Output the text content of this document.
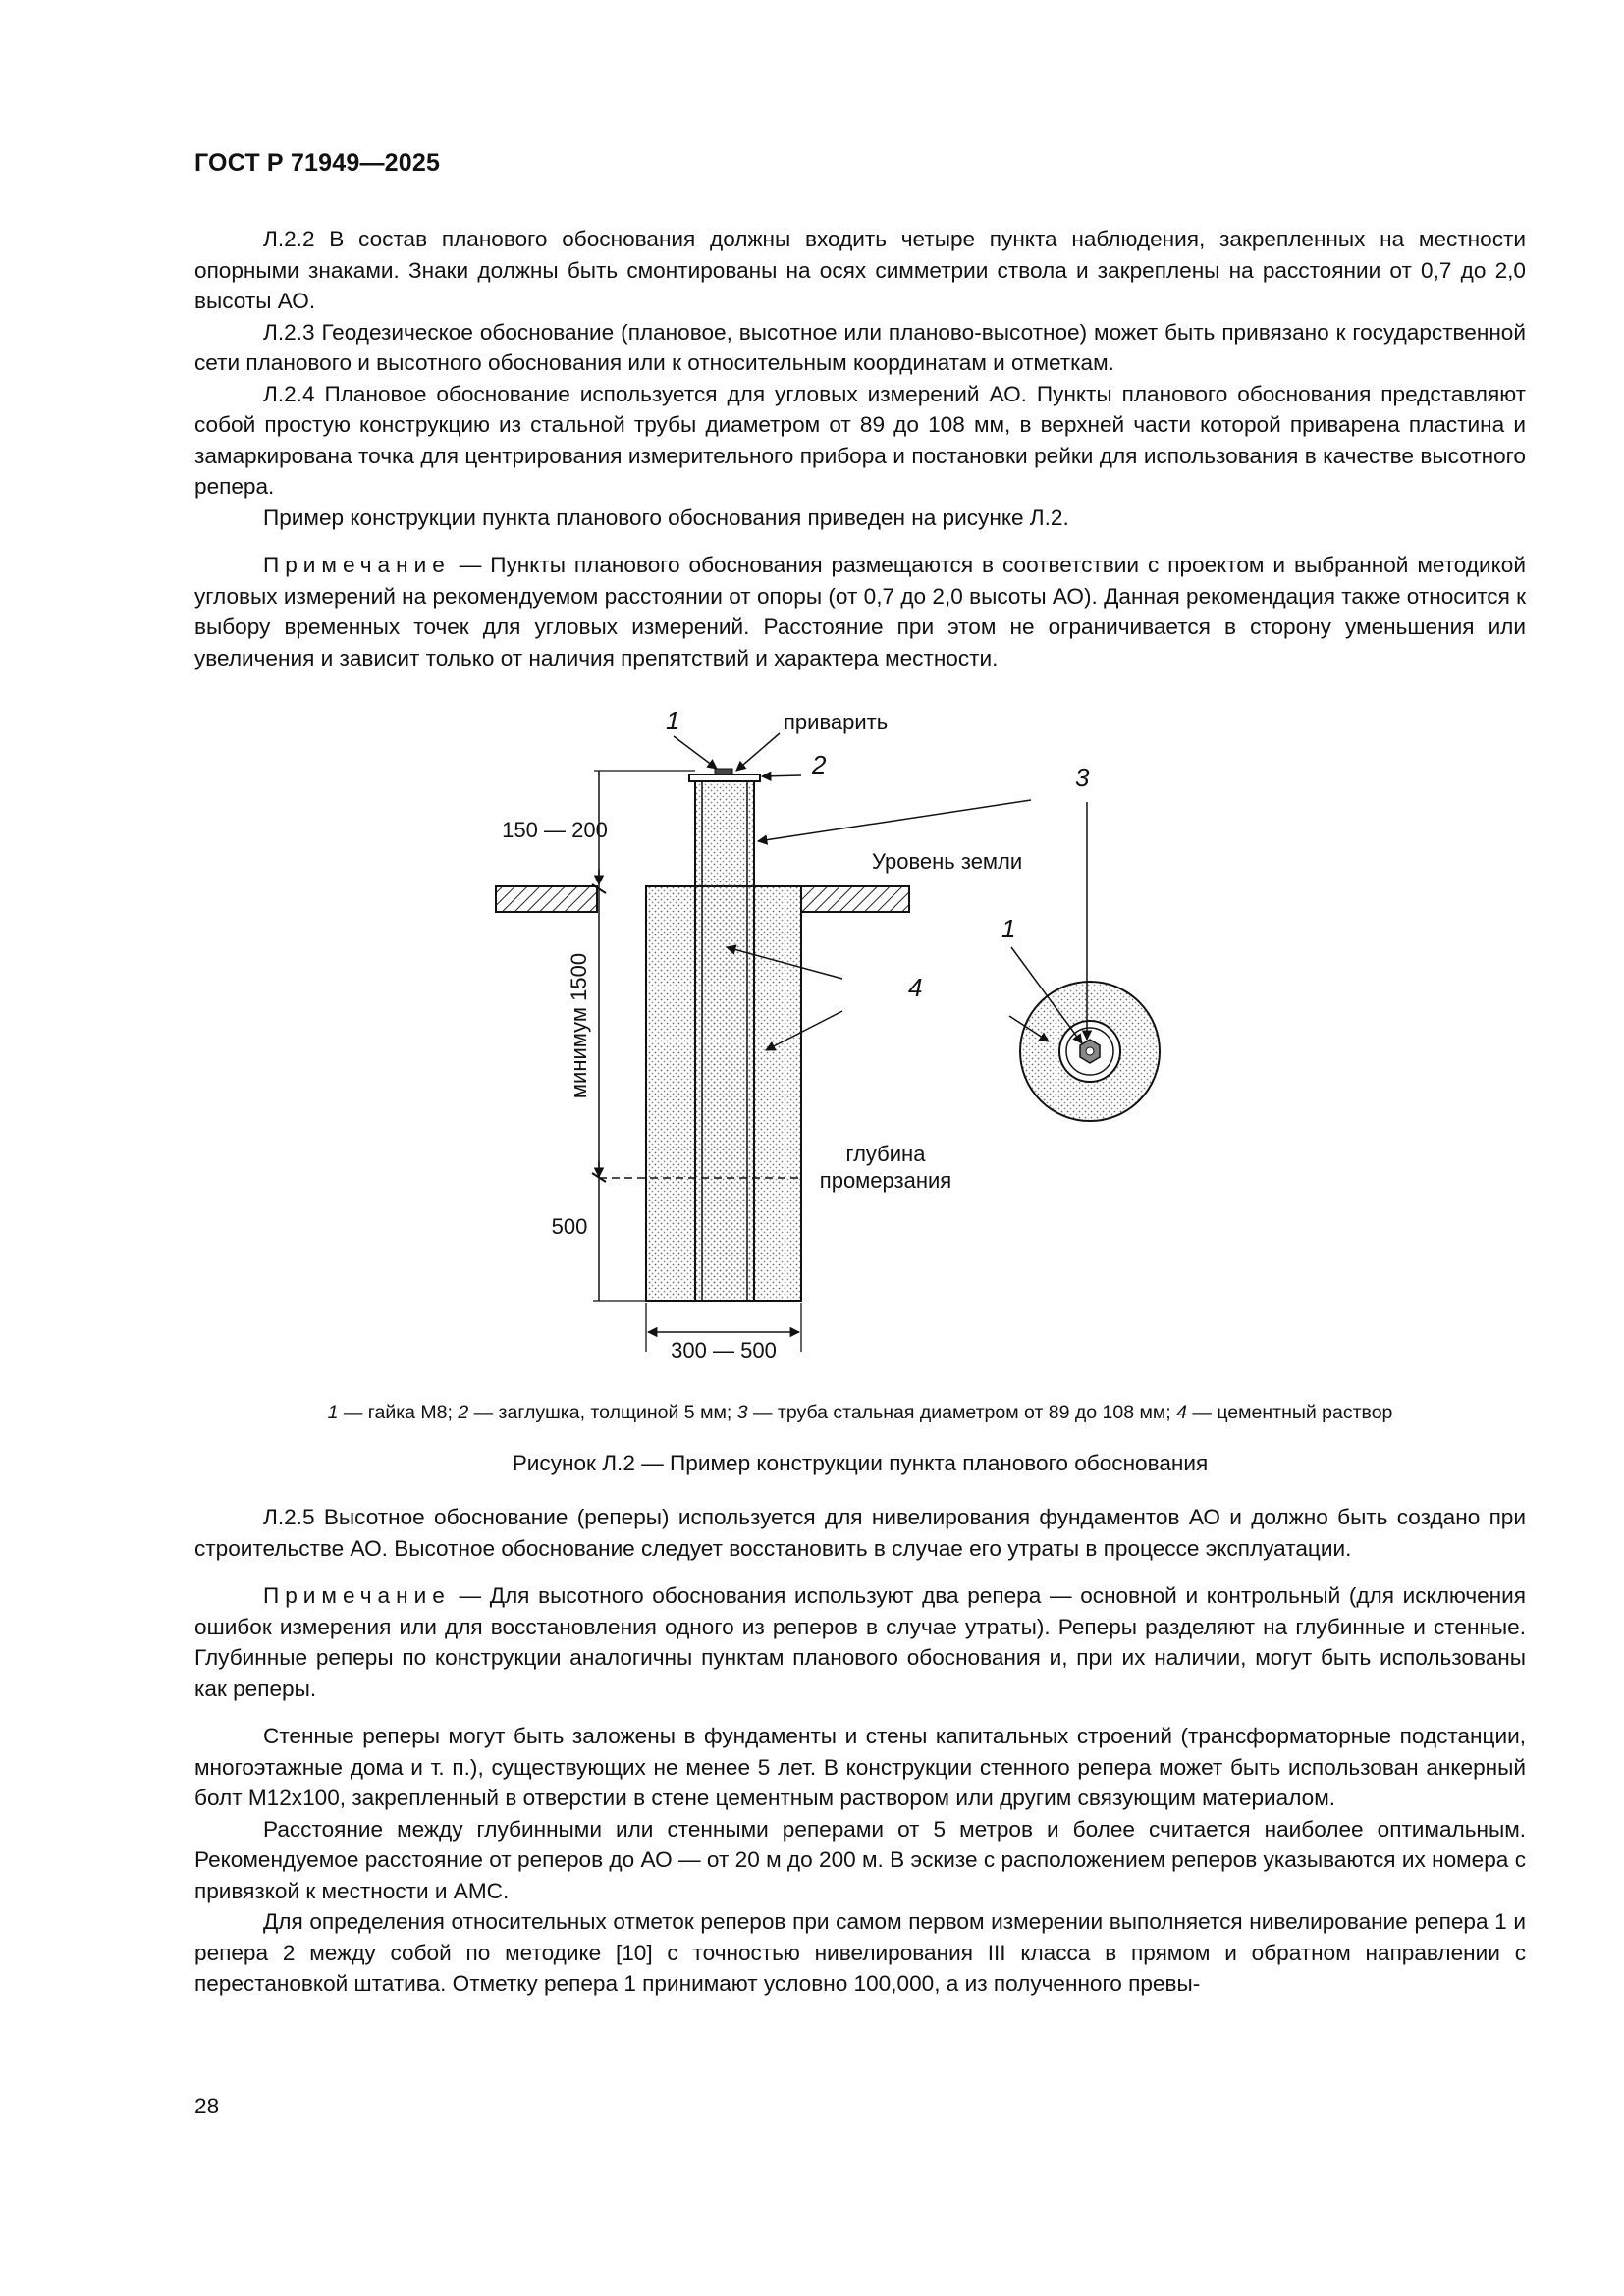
ГОСТ Р 71949—2025

Л.2.2 В состав планового обоснования должны входить четыре пункта наблюдения, закрепленных на местности опорными знаками. Знаки должны быть смонтированы на осях симметрии ствола и закреплены на расстоянии от 0,7 до 2,0 высоты АО.

Л.2.3 Геодезическое обоснование (плановое, высотное или планово-высотное) может быть привязано к государственной сети планового и высотного обоснования или к относительным координатам и отметкам.

Л.2.4 Плановое обоснование используется для угловых измерений АО. Пункты планового обоснования представляют собой простую конструкцию из стальной трубы диаметром от 89 до 108 мм, в верхней части которой приварена пластина и замаркирована точка для центрирования измерительного прибора и постановки рейки для использования в качестве высотного репера.

Пример конструкции пункта планового обоснования приведен на рисунке Л.2.

Примечание — Пункты планового обоснования размещаются в соответствии с проектом и выбранной методикой угловых измерений на рекомендуемом расстоянии от опоры (от 0,7 до 2,0 высоты АО). Данная рекомендация также относится к выбору временных точек для угловых измерений. Расстояние при этом не ограничивается в сторону уменьшения или увеличения и зависит только от наличия препятствий и характера местности.

150 — 200
минимум 1500
500
300 — 500
1	приварить
2	3
Уровень земли
4
глубина
промерзания
1
1 — гайка М8; 2 — заглушка, толщиной 5 мм; 3 — труба стальная диаметром от 89 до 108 мм; 4 — цементный раствор
Рисунок Л.2 — Пример конструкции пункта планового обоснования

Л.2.5 Высотное обоснование (реперы) используется для нивелирования фундаментов АО и должно быть создано при строительстве АО. Высотное обоснование следует восстановить в случае его утраты в процессе эксплуатации.

Примечание — Для высотного обоснования используют два репера — основной и контрольный (для исключения ошибок измерения или для восстановления одного из реперов в случае утраты). Реперы разделяют на глубинные и стенные. Глубинные реперы по конструкции аналогичны пунктам планового обоснования и, при их наличии, могут быть использованы как реперы.

Стенные реперы могут быть заложены в фундаменты и стены капитальных строений (трансформаторные подстанции, многоэтажные дома и т. п.), существующих не менее 5 лет. В конструкции стенного репера может быть использован анкерный болт М12х100, закрепленный в отверстии в стене цементным раствором или другим связующим материалом.

Расстояние между глубинными или стенными реперами от 5 метров и более считается наиболее оптимальным. Рекомендуемое расстояние от реперов до АО — от 20 м до 200 м. В эскизе с расположением реперов указываются их номера с привязкой к местности и АМС.

Для определения относительных отметок реперов при самом первом измерении выполняется нивелирование репера 1 и репера 2 между собой по методике [10] с точностью нивелирования III класса в прямом и обратном направлении с перестановкой штатива. Отметку репера 1 принимают условно 100,000, а из полученного превы-

28
